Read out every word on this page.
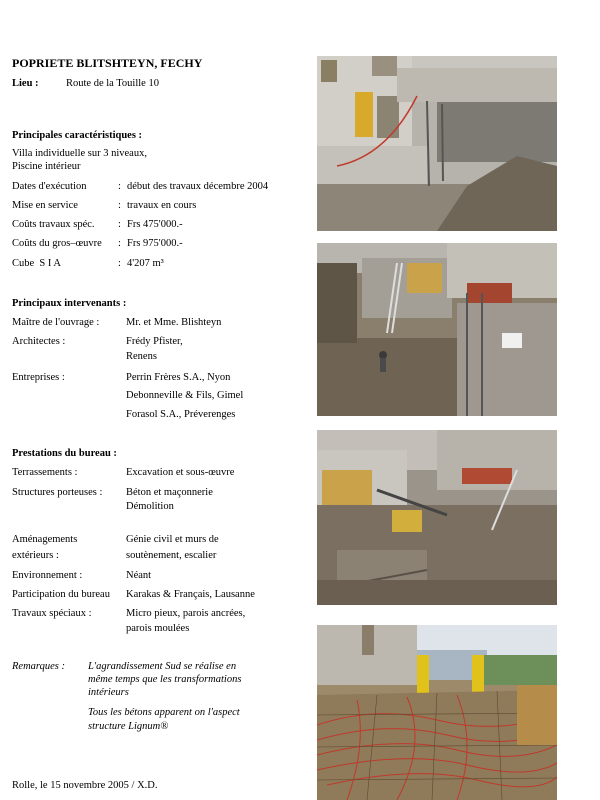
POPRIETE BLITSHTEYN, FECHY
Lieu :	Route de la Touille 10
Principales caractéristiques :
Villa individuelle sur 3 niveaux,
Piscine intérieur
Dates d'exécution	: début des travaux décembre 2004
Mise en service	: travaux en cours
Coûts travaux spéc. : Frs 475'000.-
Coûts du gros–œuvre : Frs 975'000.-
Cube  S I A	: 4'207 m³
Principaux intervenants :
Maître de l'ouvrage :	Mr. et Mme. Blishteyn
Architectes :	Frédy Pfister,
Renens
Entreprises :	Perrin Frères S.A., Nyon
Debonneville & Fils, Gimel
Forasol S.A., Préverenges
Prestations du bureau :
Terrassements :	Excavation et sous-œuvre
Structures porteuses : Béton et maçonnerie
Démolition
Aménagements
extérieurs :
Génie civil et murs de
soutènement, escalier
Environnement :	Néant
Participation du bureau Karakas & Français, Lausanne
Travaux spéciaux :	Micro pieux, parois ancrées,
parois moulées
Remarques : L'agrandissement Sud se réalise en
même temps que les transformations
intérieurs
Tous les bétons apparent on l'aspect
structure Lignum®
Rolle, le 15 novembre 2005 / X.D.
